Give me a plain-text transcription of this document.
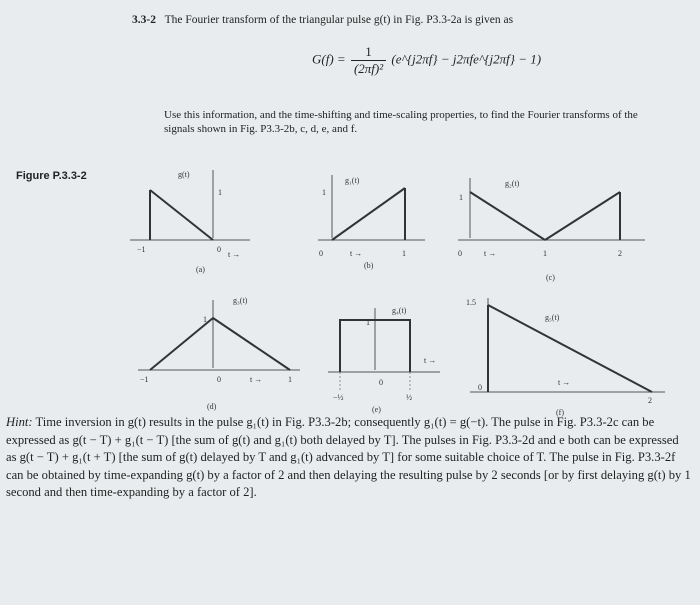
3.3-2 The Fourier transform of the triangular pulse g(t) in Fig. P3.3-2a is given as
$G(f) = \frac{1}{\text{(2πf)²}}$ (e^{j2πf} − j2πfe^{j2πf} − 1)
Use this information, and the time-shifting and time-scaling properties, to find the Fourier transforms of the signals shown in Fig. P3.3-2b, c, d, e, and f.
Figure P.3.3-2	g(t)
−1	0
1
t →
(a)
g₁(t)
0	1
1
t →
(b)
g₂(t)
0
1
1	2
t →
(c)
g₃(t)
−1	0
1
1
t →
(d)
g₄(t)
−½
0
½
1
t →
(e)
g₅(t)
1.5
0
2
t →
(f)
Hint: Time inversion in g(t) results in the pulse g₁(t) in Fig. P3.3-2b; consequently g₁(t) = g(−t). The pulse in Fig. P3.3-2c can be expressed as g(t − T) + g₁(t − T) [the sum of g(t) and g₁(t) both delayed by T]. The pulses in Fig. P3.3-2d and e both can be expressed as g(t − T) + g₁(t + T) [the sum of g(t) delayed by T and g₁(t) advanced by T] for some suitable choice of T. The pulse in Fig. P3.3-2f can be obtained by time-expanding g(t) by a factor of 2 and then delaying the resulting pulse by 2 seconds [or by first delaying g(t) by 1 second and then time-expanding by a factor of 2].
